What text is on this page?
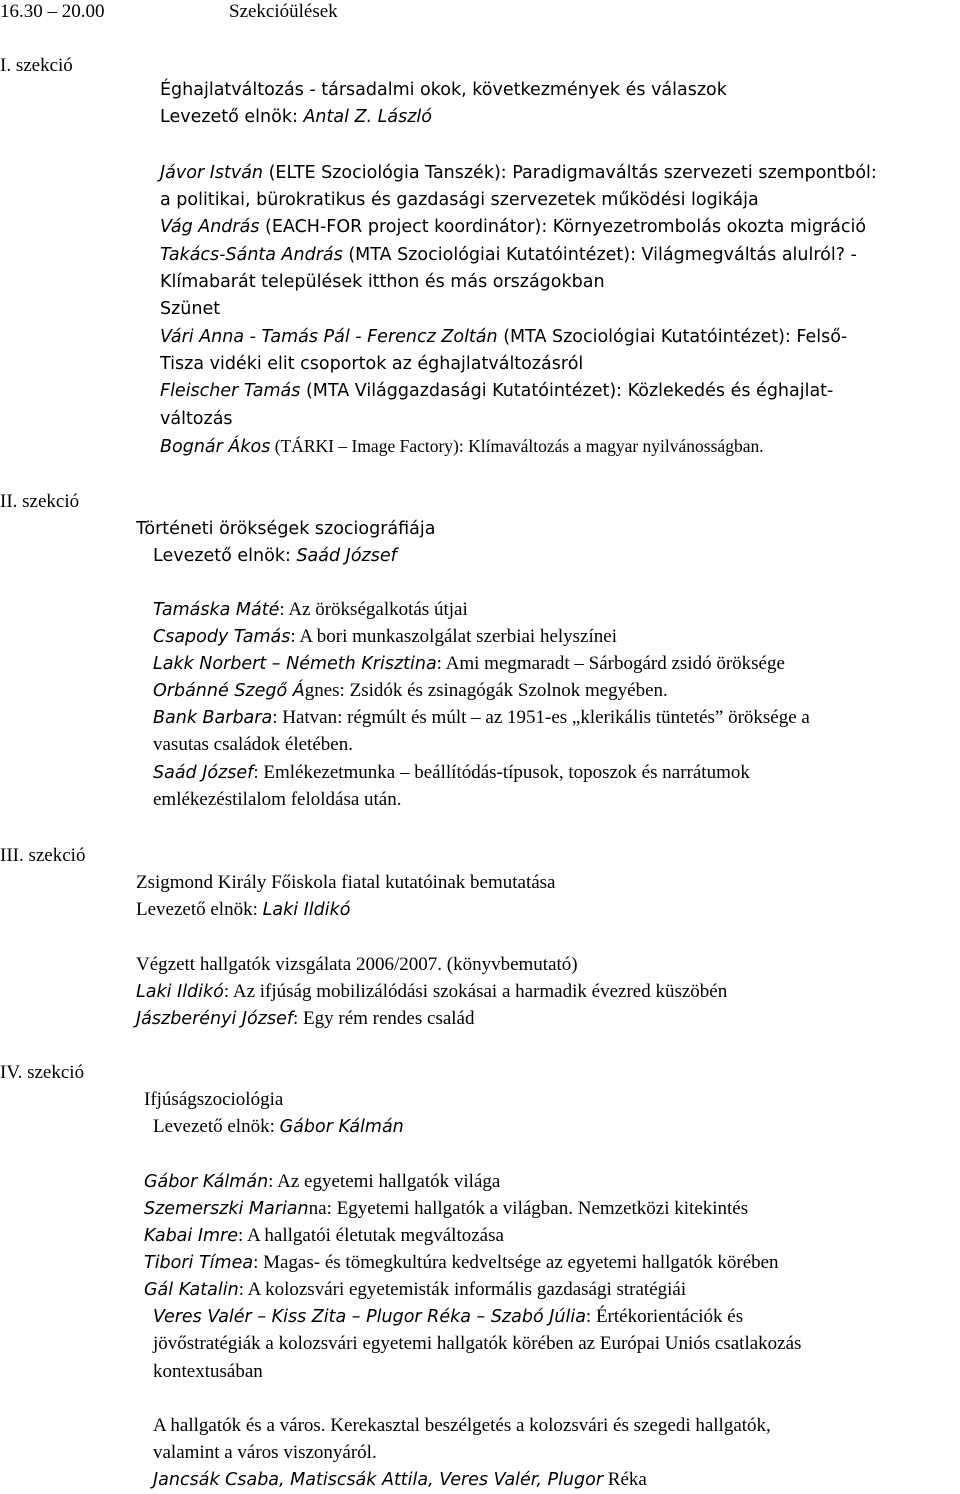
16.30 – 20.00	Szekcióülések
I. szekció
Éghajlatváltozás - társadalmi okok, következmények és válaszok
Levezető elnök: Antal Z. László
Jávor István (ELTE Szociológia Tanszék): Paradigmaváltás szervezeti szempontból:
a politikai, bürokratikus és gazdasági szervezetek működési logikája
Vág András (EACH-FOR project koordinátor): Környezetrombolás okozta migráció
Takács-Sánta András (MTA Szociológiai Kutatóintézet): Világmegváltás alulról? -
Klímabarát települések itthon és más országokban
Szünet
Vári Anna - Tamás Pál - Ferencz Zoltán (MTA Szociológiai Kutatóintézet): Felső-
Tisza vidéki elit csoportok az éghajlatváltozásról
Fleischer Tamás (MTA Világgazdasági Kutatóintézet): Közlekedés és éghajlat-
változás
Bognár Ákos (TÁRKI – Image Factory): Klímaváltozás a magyar nyilvánosságban.
II. szekció
Történeti örökségek szociográfiája
Levezető elnök: Saád József
Tamáska Máté: Az örökségalkotás útjai
Csapody Tamás: A bori munkaszolgálat szerbiai helyszínei
Lakk Norbert – Németh Krisztina: Ami megmaradt – Sárbogárd zsidó öröksége
Orbánné Szegő Ágnes: Zsidók és zsinagógák Szolnok megyében.
Bank Barbara: Hatvan: régmúlt és múlt – az 1951-es „klerikális tüntetés” öröksége a
vasutas családok életében.
Saád József: Emlékezetmunka – beállítódás-típusok, toposzok és narrátumok
emlékezéstilalom feloldása után.
III. szekció
Zsigmond Király Főiskola fiatal kutatóinak bemutatása
Levezető elnök: Laki Ildikó
Végzett hallgatók vizsgálata 2006/2007. (könyvbemutató)
Laki Ildikó: Az ifjúság mobilizálódási szokásai a harmadik évezred küszöbén
Jászberényi József: Egy rém rendes család
IV. szekció
Ifjúságszociológia
Levezető elnök: Gábor Kálmán
Gábor Kálmán: Az egyetemi hallgatók világa
Szemerszki Marianna: Egyetemi hallgatók a világban. Nemzetközi kitekintés
Kabai Imre: A hallgatói életutak megváltozása
Tibori Tímea: Magas- és tömegkultúra kedveltsége az egyetemi hallgatók körében
Gál Katalin: A kolozsvári egyetemisták informális gazdasági stratégiái
Veres Valér – Kiss Zita – Plugor Réka – Szabó Júlia: Értékorientációk és
jövőstratégiák a kolozsvári egyetemi hallgatók körében az Európai Uniós csatlakozás
kontextusában
A hallgatók és a város. Kerekasztal beszélgetés a kolozsvári és szegedi hallgatók,
valamint a város viszonyáról.
Jancsák Csaba, Matiscsák Attila, Veres Valér, Plugor Réka
